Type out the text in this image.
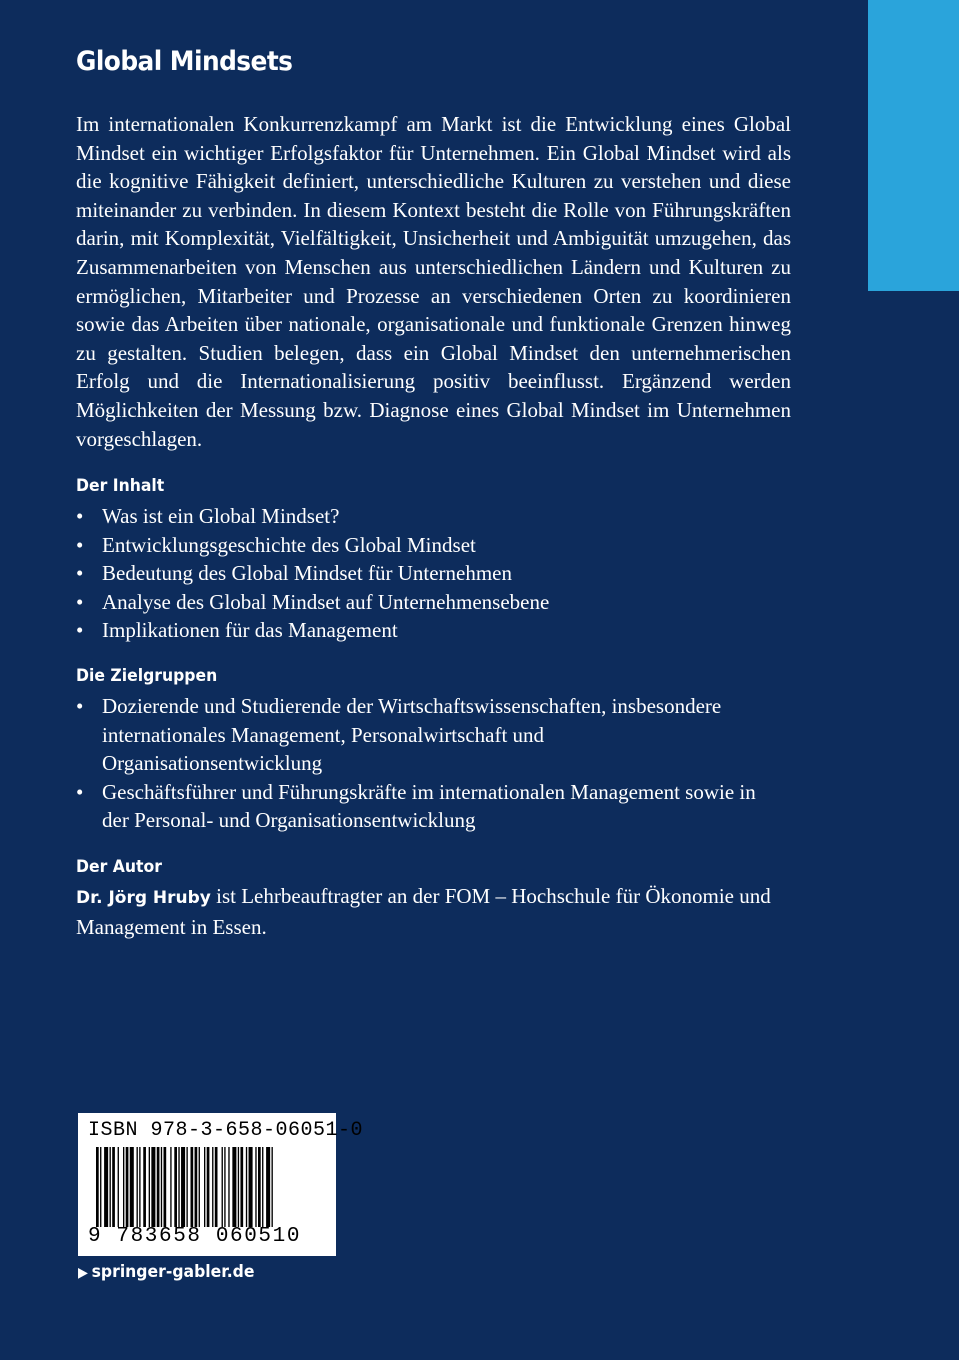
Global Mindsets
Im internationalen Konkurrenzkampf am Markt ist die Entwicklung eines Global Mindset ein wichtiger Erfolgsfaktor für Unternehmen. Ein Global Mindset wird als die kognitive Fähigkeit definiert, unterschiedliche Kulturen zu verstehen und diese miteinander zu verbinden. In diesem Kontext besteht die Rolle von Führungskräften darin, mit Komplexität, Vielfältigkeit, Unsicherheit und Ambiguität umzugehen, das Zusammenarbeiten von Menschen aus unterschiedlichen Ländern und Kulturen zu ermöglichen, Mitarbeiter und Prozesse an verschiedenen Orten zu koordinieren sowie das Arbeiten über nationale, organisationale und funktionale Grenzen hinweg zu gestalten. Studien belegen, dass ein Global Mindset den unternehmerischen Erfolg und die Internationalisierung positiv beeinflusst. Ergänzend werden Möglichkeiten der Messung bzw. Diagnose eines Global Mindset im Unternehmen vorgeschlagen.
Der Inhalt
• Was ist ein Global Mindset?
• Entwicklungsgeschichte des Global Mindset
• Bedeutung des Global Mindset für Unternehmen
• Analyse des Global Mindset auf Unternehmensebene
• Implikationen für das Management
Die Zielgruppen
• Dozierende und Studierende der Wirtschaftswissenschaften, insbesondere internationales Management, Personalwirtschaft und Organisationsentwicklung
• Geschäftsführer und Führungskräfte im internationalen Management sowie in der Personal- und Organisationsentwicklung
Der Autor
Dr. Jörg Hruby ist Lehrbeauftragter an der FOM – Hochschule für Ökonomie und Management in Essen.
ISBN 978-3-658-06051-0
9 783658 060510
▶ springer-gabler.de
